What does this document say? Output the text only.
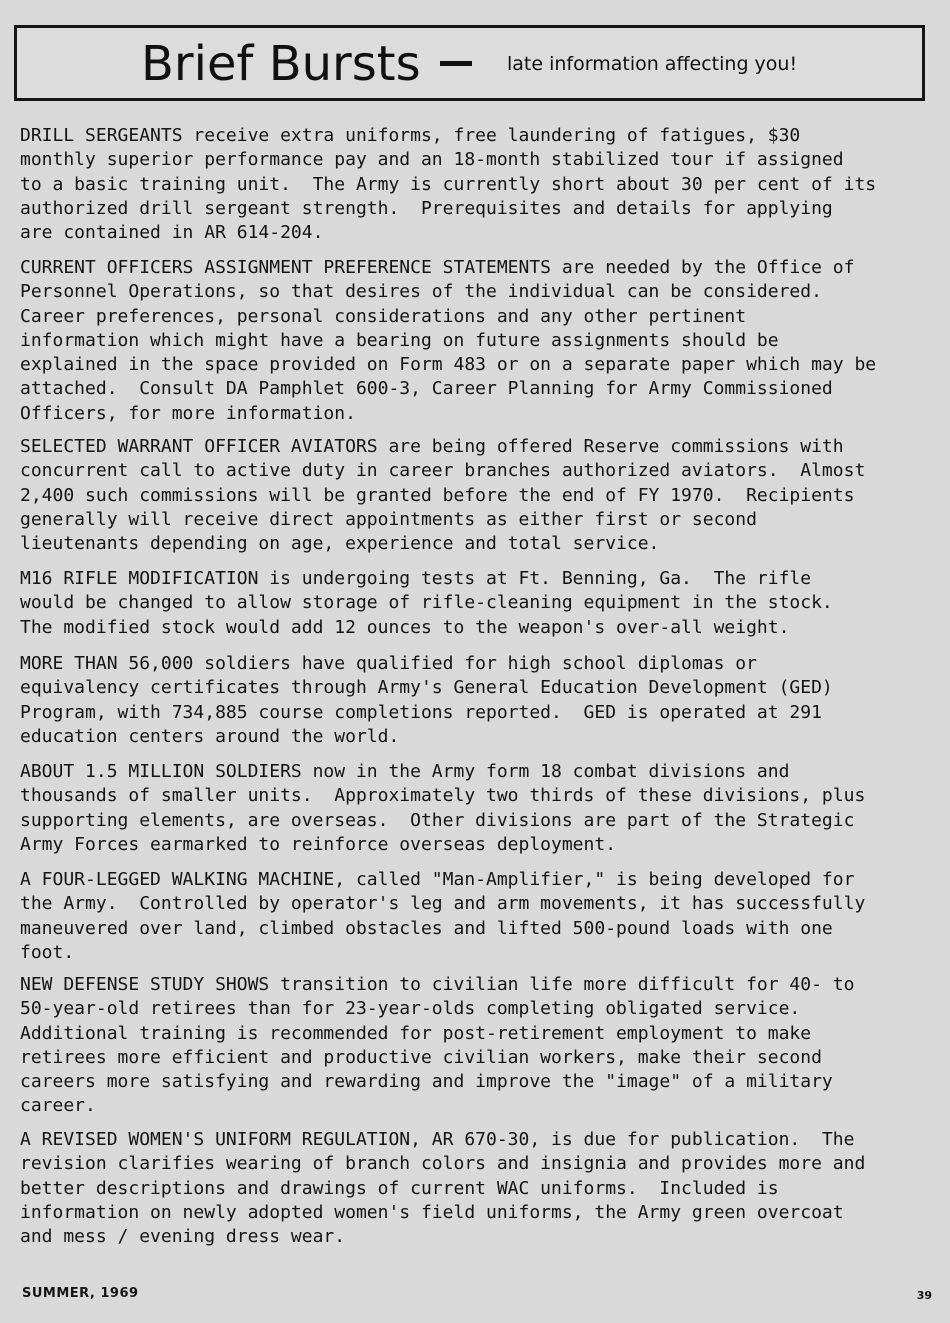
Brief Bursts	late information affecting you!

DRILL SERGEANTS receive extra uniforms, free laundering of fatigues, $30
monthly superior performance pay and an 18-month stabilized tour if assigned
to a basic training unit.  The Army is currently short about 30 per cent of its
authorized drill sergeant strength.  Prerequisites and details for applying
are contained in AR 614-204.

CURRENT OFFICERS ASSIGNMENT PREFERENCE STATEMENTS are needed by the Office of
Personnel Operations, so that desires of the individual can be considered.
Career preferences, personal considerations and any other pertinent
information which might have a bearing on future assignments should be
explained in the space provided on Form 483 or on a separate paper which may be
attached.  Consult DA Pamphlet 600-3, Career Planning for Army Commissioned
Officers, for more information.

SELECTED WARRANT OFFICER AVIATORS are being offered Reserve commissions with
concurrent call to active duty in career branches authorized aviators.  Almost
2,400 such commissions will be granted before the end of FY 1970.  Recipients
generally will receive direct appointments as either first or second
lieutenants depending on age, experience and total service.

M16 RIFLE MODIFICATION is undergoing tests at Ft. Benning, Ga.  The rifle
would be changed to allow storage of rifle-cleaning equipment in the stock.
The modified stock would add 12 ounces to the weapon's over-all weight.

MORE THAN 56,000 soldiers have qualified for high school diplomas or
equivalency certificates through Army's General Education Development (GED)
Program, with 734,885 course completions reported.  GED is operated at 291
education centers around the world.

ABOUT 1.5 MILLION SOLDIERS now in the Army form 18 combat divisions and
thousands of smaller units.  Approximately two thirds of these divisions, plus
supporting elements, are overseas.  Other divisions are part of the Strategic
Army Forces earmarked to reinforce overseas deployment.

A FOUR-LEGGED WALKING MACHINE, called "Man-Amplifier," is being developed for
the Army.  Controlled by operator's leg and arm movements, it has successfully
maneuvered over land, climbed obstacles and lifted 500-pound loads with one
foot.

NEW DEFENSE STUDY SHOWS transition to civilian life more difficult for 40- to
50-year-old retirees than for 23-year-olds completing obligated service.
Additional training is recommended for post-retirement employment to make
retirees more efficient and productive civilian workers, make their second
careers more satisfying and rewarding and improve the "image" of a military
career.

A REVISED WOMEN'S UNIFORM REGULATION, AR 670-30, is due for publication.  The
revision clarifies wearing of branch colors and insignia and provides more and
better descriptions and drawings of current WAC uniforms.  Included is
information on newly adopted women's field uniforms, the Army green overcoat
and mess / evening dress wear.

SUMMER, 1969	39
